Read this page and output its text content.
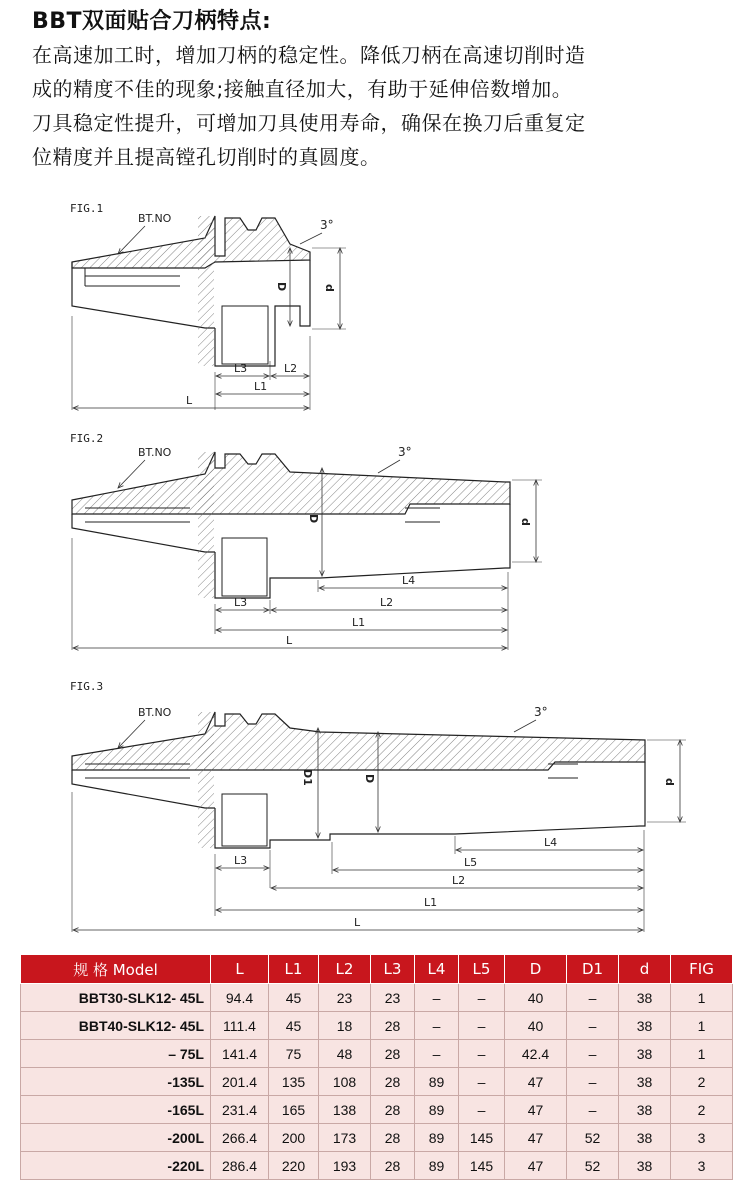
BBT双面贴合刀柄特点:

在高速加工时，增加刀柄的稳定性。降低刀柄在高速切削时造

成的精度不佳的现象;接触直径加大，有助于延伸倍数增加。

刀具稳定性提升，可增加刀具使用寿命，确保在换刀后重复定

位精度并且提高镗孔切削时的真圆度。

FIG.1
BT.NO	3°
D	d
L3	L2
L1
L
FIG.2
BT.NO	3°
D	d
L4
L3	L2
L1
L
FIG.3
BT.NO	3°
D1	D	d
L4
L5
L3
L2
L1
L
规 格 Model	L	L1	L2	L3	L4	L5	D	D1	d	FIG
BBT30-SLK12- 45L	94.4	45	23	23	–	–	40	–	38	1
BBT40-SLK12- 45L	111.4	45	18	28	–	–	40	–	38	1
– 75L	141.4	75	48	28	–	–	42.4	–	38	1
-135L	201.4	135	108	28	89	–	47	–	38	2
-165L	231.4	165	138	28	89	–	47	–	38	2
-200L	266.4	200	173	28	89	145	47	52	38	3
-220L	286.4	220	193	28	89	145	47	52	38	3
